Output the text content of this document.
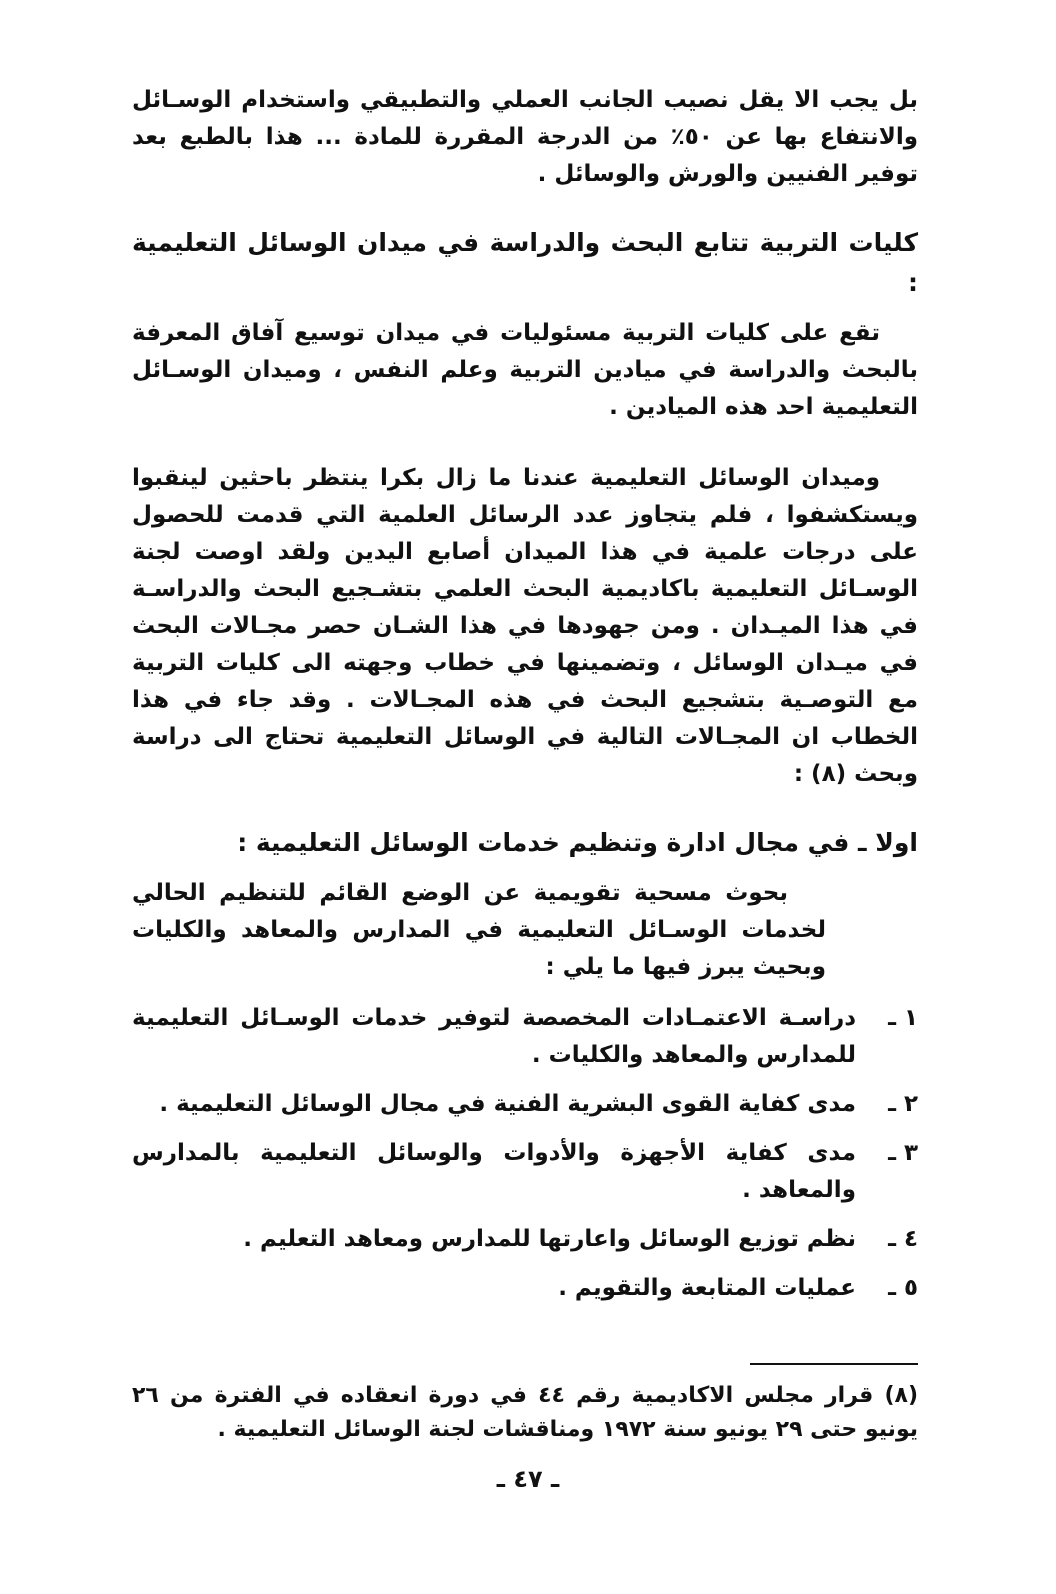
بل يجب الا يقل نصيب الجانب العملي والتطبيقي واستخدام الوسـائل والانتفاع بها عن ٥٠٪ من الدرجة المقررة للمادة ... هذا بالطبع بعد توفير الفنيين والورش والوسائل .

كليات التربية تتابع البحث والدراسة في ميدان الوسائل التعليمية :

تقع على كليات التربية مسئوليات في ميدان توسيع آفاق المعرفة بالبحث والدراسة في ميادين التربية وعلم النفس ، وميدان الوسـائل التعليمية احد هذه الميادين .

وميدان الوسائل التعليمية عندنا ما زال بكرا ينتظر باحثين لينقبوا ويستكشفوا ، فلم يتجاوز عدد الرسائل العلمية التي قدمت للحصول على درجات علمية في هذا الميدان أصابع اليدين ولقد اوصت لجنة الوسـائل التعليمية باكاديمية البحث العلمي بتشـجيع البحث والدراسـة في هذا الميـدان . ومن جهودها في هذا الشـان حصر مجـالات البحث في ميـدان الوسائل ، وتضمينها في خطاب وجهته الى كليات التربية مع التوصـية بتشجيع البحث في هذه المجـالات . وقد جاء في هذا الخطاب ان المجـالات التالية في الوسائل التعليمية تحتاج الى دراسة وبحث (٨) :

اولا ـ في مجال ادارة وتنظيم خدمات الوسائل التعليمية :

بحوث مسحية تقويمية عن الوضع القائم للتنظيم الحالي لخدمات الوسـائل التعليمية في المدارس والمعاهد والكليات وبحيث يبرز فيها ما يلي :

١ ـ
دراسـة الاعتمـادات المخصصة لتوفير خدمات الوسـائل التعليمية للمدارس والمعاهد والكليات .
٢ ـ
مدى كفاية القوى البشرية الفنية في مجال الوسائل التعليمية .
٣ ـ
مدى كفاية الأجهزة والأدوات والوسائل التعليمية بالمدارس والمعاهد .
٤ ـ
نظم توزيع الوسائل واعارتها للمدارس ومعاهد التعليم .
٥ ـ
عمليات المتابعة والتقويم .

(٨) قرار مجلس الاكاديمية رقم ٤٤ في دورة انعقاده في الفترة من ٢٦ يونيو حتى ٢٩ يونيو سنة ١٩٧٢ ومناقشات لجنة الوسائل التعليمية .

ـ ٤٧ ـ
